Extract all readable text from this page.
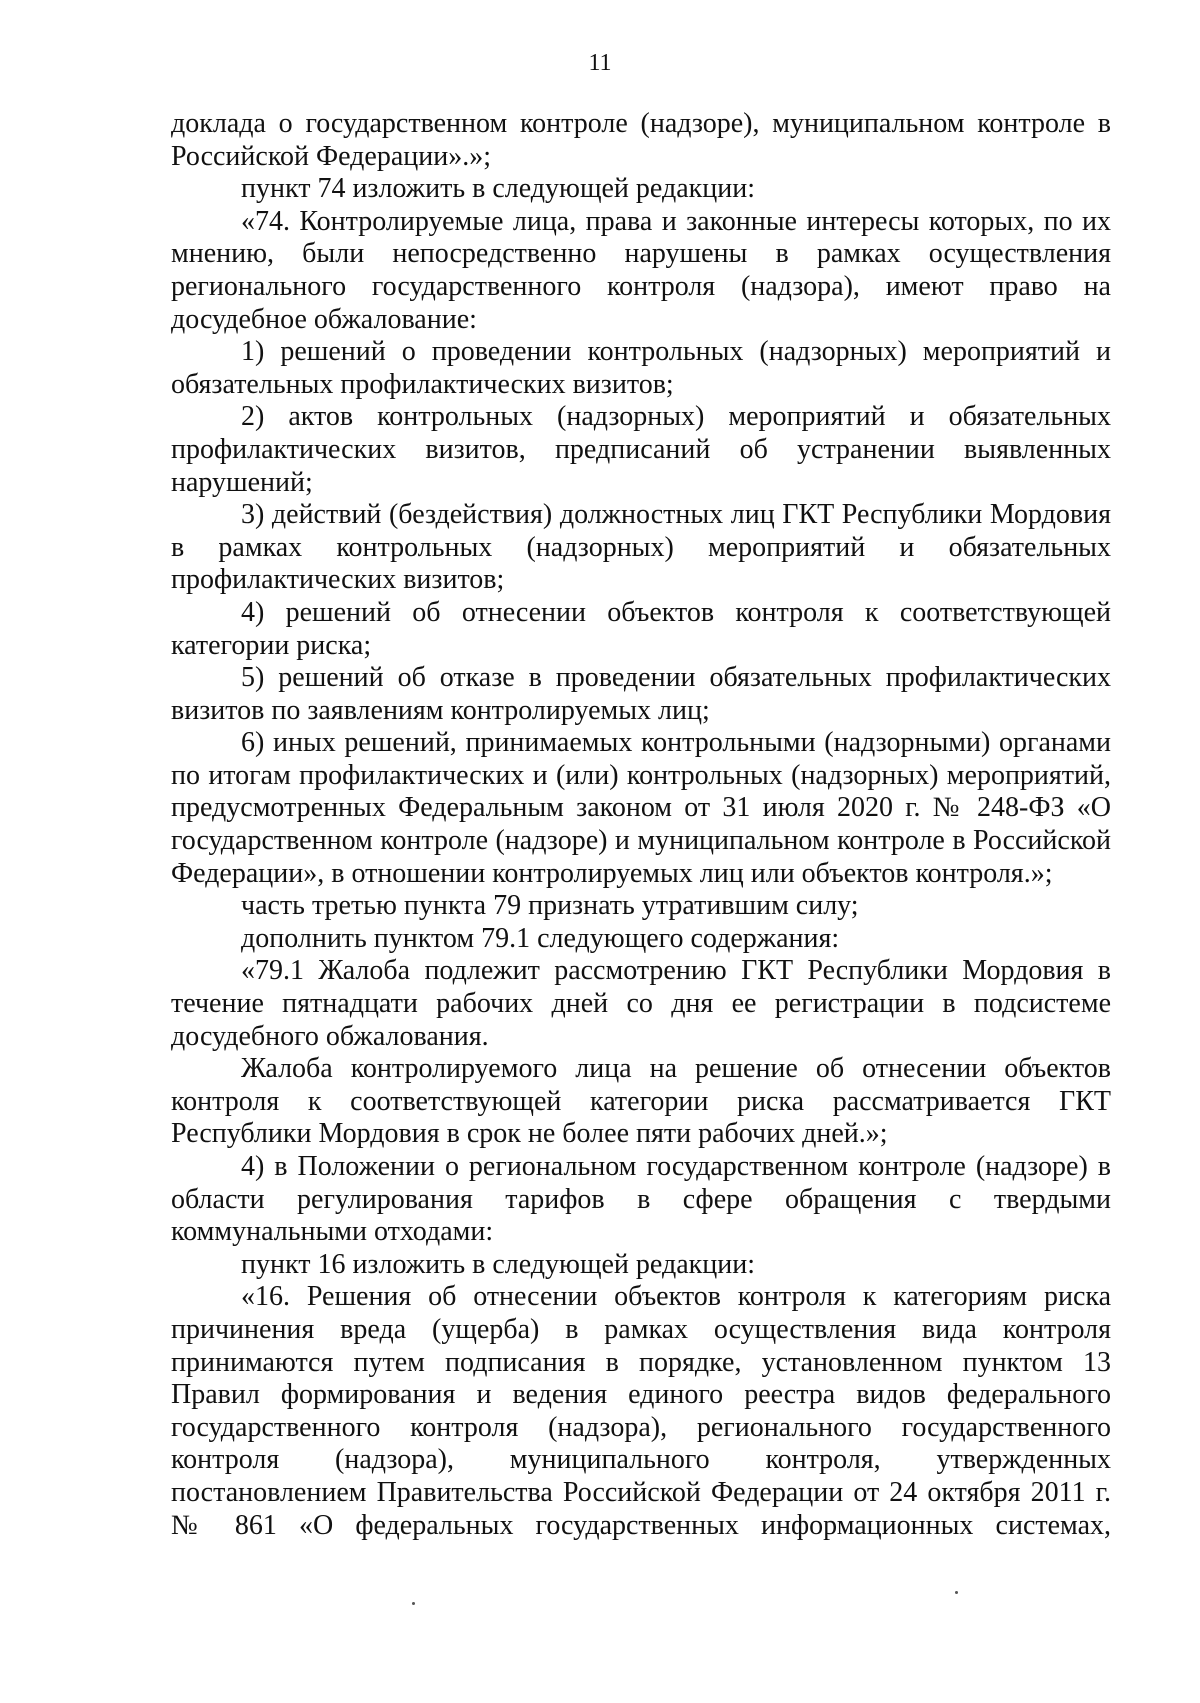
11

доклада о государственном контроле (надзоре), муниципальном контроле в Российской Федерации».»;

пункт 74 изложить в следующей редакции:

«74. Контролируемые лица, права и законные интересы которых, по их мнению, были непосредственно нарушены в рамках осуществления регионального государственного контроля (надзора), имеют право на досудебное обжалование:

1) решений о проведении контрольных (надзорных) мероприятий и обязательных профилактических визитов;

2) актов контрольных (надзорных) мероприятий и обязательных профилактических визитов, предписаний об устранении выявленных нарушений;

3) действий (бездействия) должностных лиц ГКТ Республики Мордовия в рамках контрольных (надзорных) мероприятий и обязательных профилактических визитов;

4) решений об отнесении объектов контроля к соответствующей категории риска;

5) решений об отказе в проведении обязательных профилактических визитов по заявлениям контролируемых лиц;

6) иных решений, принимаемых контрольными (надзорными) органами по итогам профилактических и (или) контрольных (надзорных) мероприятий, предусмотренных Федеральным законом от 31 июля 2020 г. № 248-ФЗ «О государственном контроле (надзоре) и муниципальном контроле в Российской Федерации», в отношении контролируемых лиц или объектов контроля.»;

часть третью пункта 79 признать утратившим силу;

дополнить пунктом 79.1 следующего содержания:

«79.1 Жалоба подлежит рассмотрению ГКТ Республики Мордовия в течение пятнадцати рабочих дней со дня ее регистрации в подсистеме досудебного обжалования.

Жалоба контролируемого лица на решение об отнесении объектов контроля к соответствующей категории риска рассматривается ГКТ Республики Мордовия в срок не более пяти рабочих дней.»;

4) в Положении о региональном государственном контроле (надзоре) в области регулирования тарифов в сфере обращения с твердыми коммунальными отходами:

пункт 16 изложить в следующей редакции:

«16. Решения об отнесении объектов контроля к категориям риска причинения вреда (ущерба) в рамках осуществления вида контроля принимаются путем подписания в порядке, установленном пунктом 13 Правил формирования и ведения единого реестра видов федерального государственного контроля (надзора), регионального государственного контроля (надзора), муниципального контроля, утвержденных постановлением Правительства Российской Федерации от 24 октября 2011 г. № 861 «О федеральных государственных информационных системах,
